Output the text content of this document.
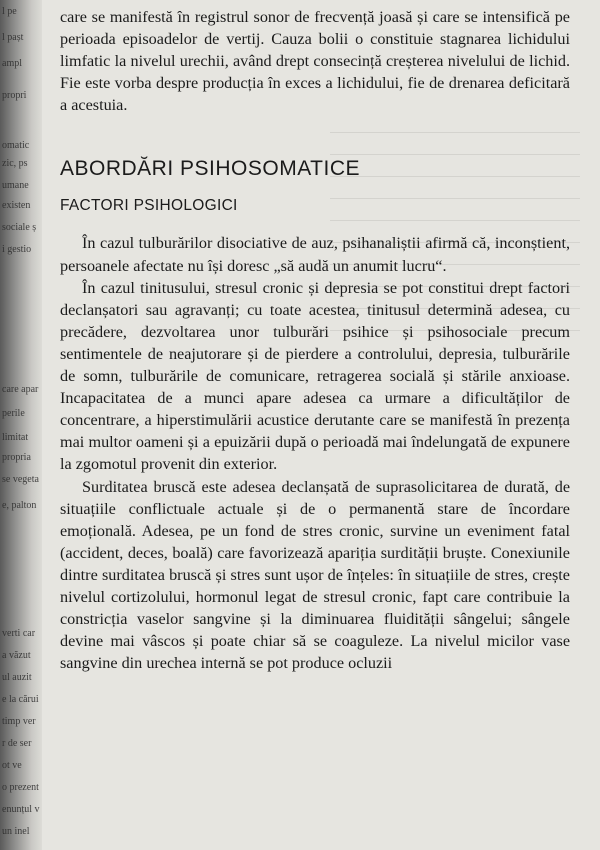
l pe
l pașt
ampl
propri
omatic
zic, ps
umane
existen
sociale ș
i gestio
care apar
perile
limitat
propria
se vegeta
e, palton
verti car
a văzut
ul auzit
e la cărui
timp ver
r de ser
ot ve
o prezent
enunțul v
un inel

care se manifestă în registrul sonor de frecvență joasă și care se intensifică pe perioada episoadelor de vertij. Cauza bolii o constituie stagnarea lichidului limfatic la nivelul urechii, având drept consecință creșterea nivelului de lichid. Fie este vorba despre producția în exces a lichidului, fie de drenarea deficitară a acestuia.

ABORDĂRI PSIHOSOMATICE
FACTORI PSIHOLOGICI

În cazul tulburărilor disociative de auz, psihanaliștii afirmă că, inconștient, persoanele afectate nu își doresc „să audă un anumit lucru“.

În cazul tinitusului, stresul cronic și depresia se pot constitui drept factori declanșatori sau agravanți; cu toate acestea, tinitusul determină adesea, cu precădere, dezvoltarea unor tulburări psihice și psihosociale precum sentimentele de neajutorare și de pierdere a controlului, depresia, tulburările de somn, tulburările de comunicare, retragerea socială și stările anxioase. Incapacitatea de a munci apare adesea ca urmare a dificultăților de concentrare, a hiperstimulării acustice derutante care se manifestă în prezența mai multor oameni și a epuizării după o perioadă mai îndelungată de expunere la zgomotul provenit din exterior.

Surditatea bruscă este adesea declanșată de suprasolicitarea de durată, de situațiile conflictuale actuale și de o permanentă stare de încordare emoțională. Adesea, pe un fond de stres cronic, survine un eveniment fatal (accident, deces, boală) care favorizează apariția surdității bruște. Conexiunile dintre surditatea bruscă și stres sunt ușor de înțeles: în situațiile de stres, crește nivelul cortizolului, hormonul legat de stresul cronic, fapt care contribuie la constricția vaselor sangvine și la diminuarea fluidității sângelui; sângele devine mai vâscos și poate chiar să se coaguleze. La nivelul micilor vase sangvine din urechea internă se pot produce ocluzii
